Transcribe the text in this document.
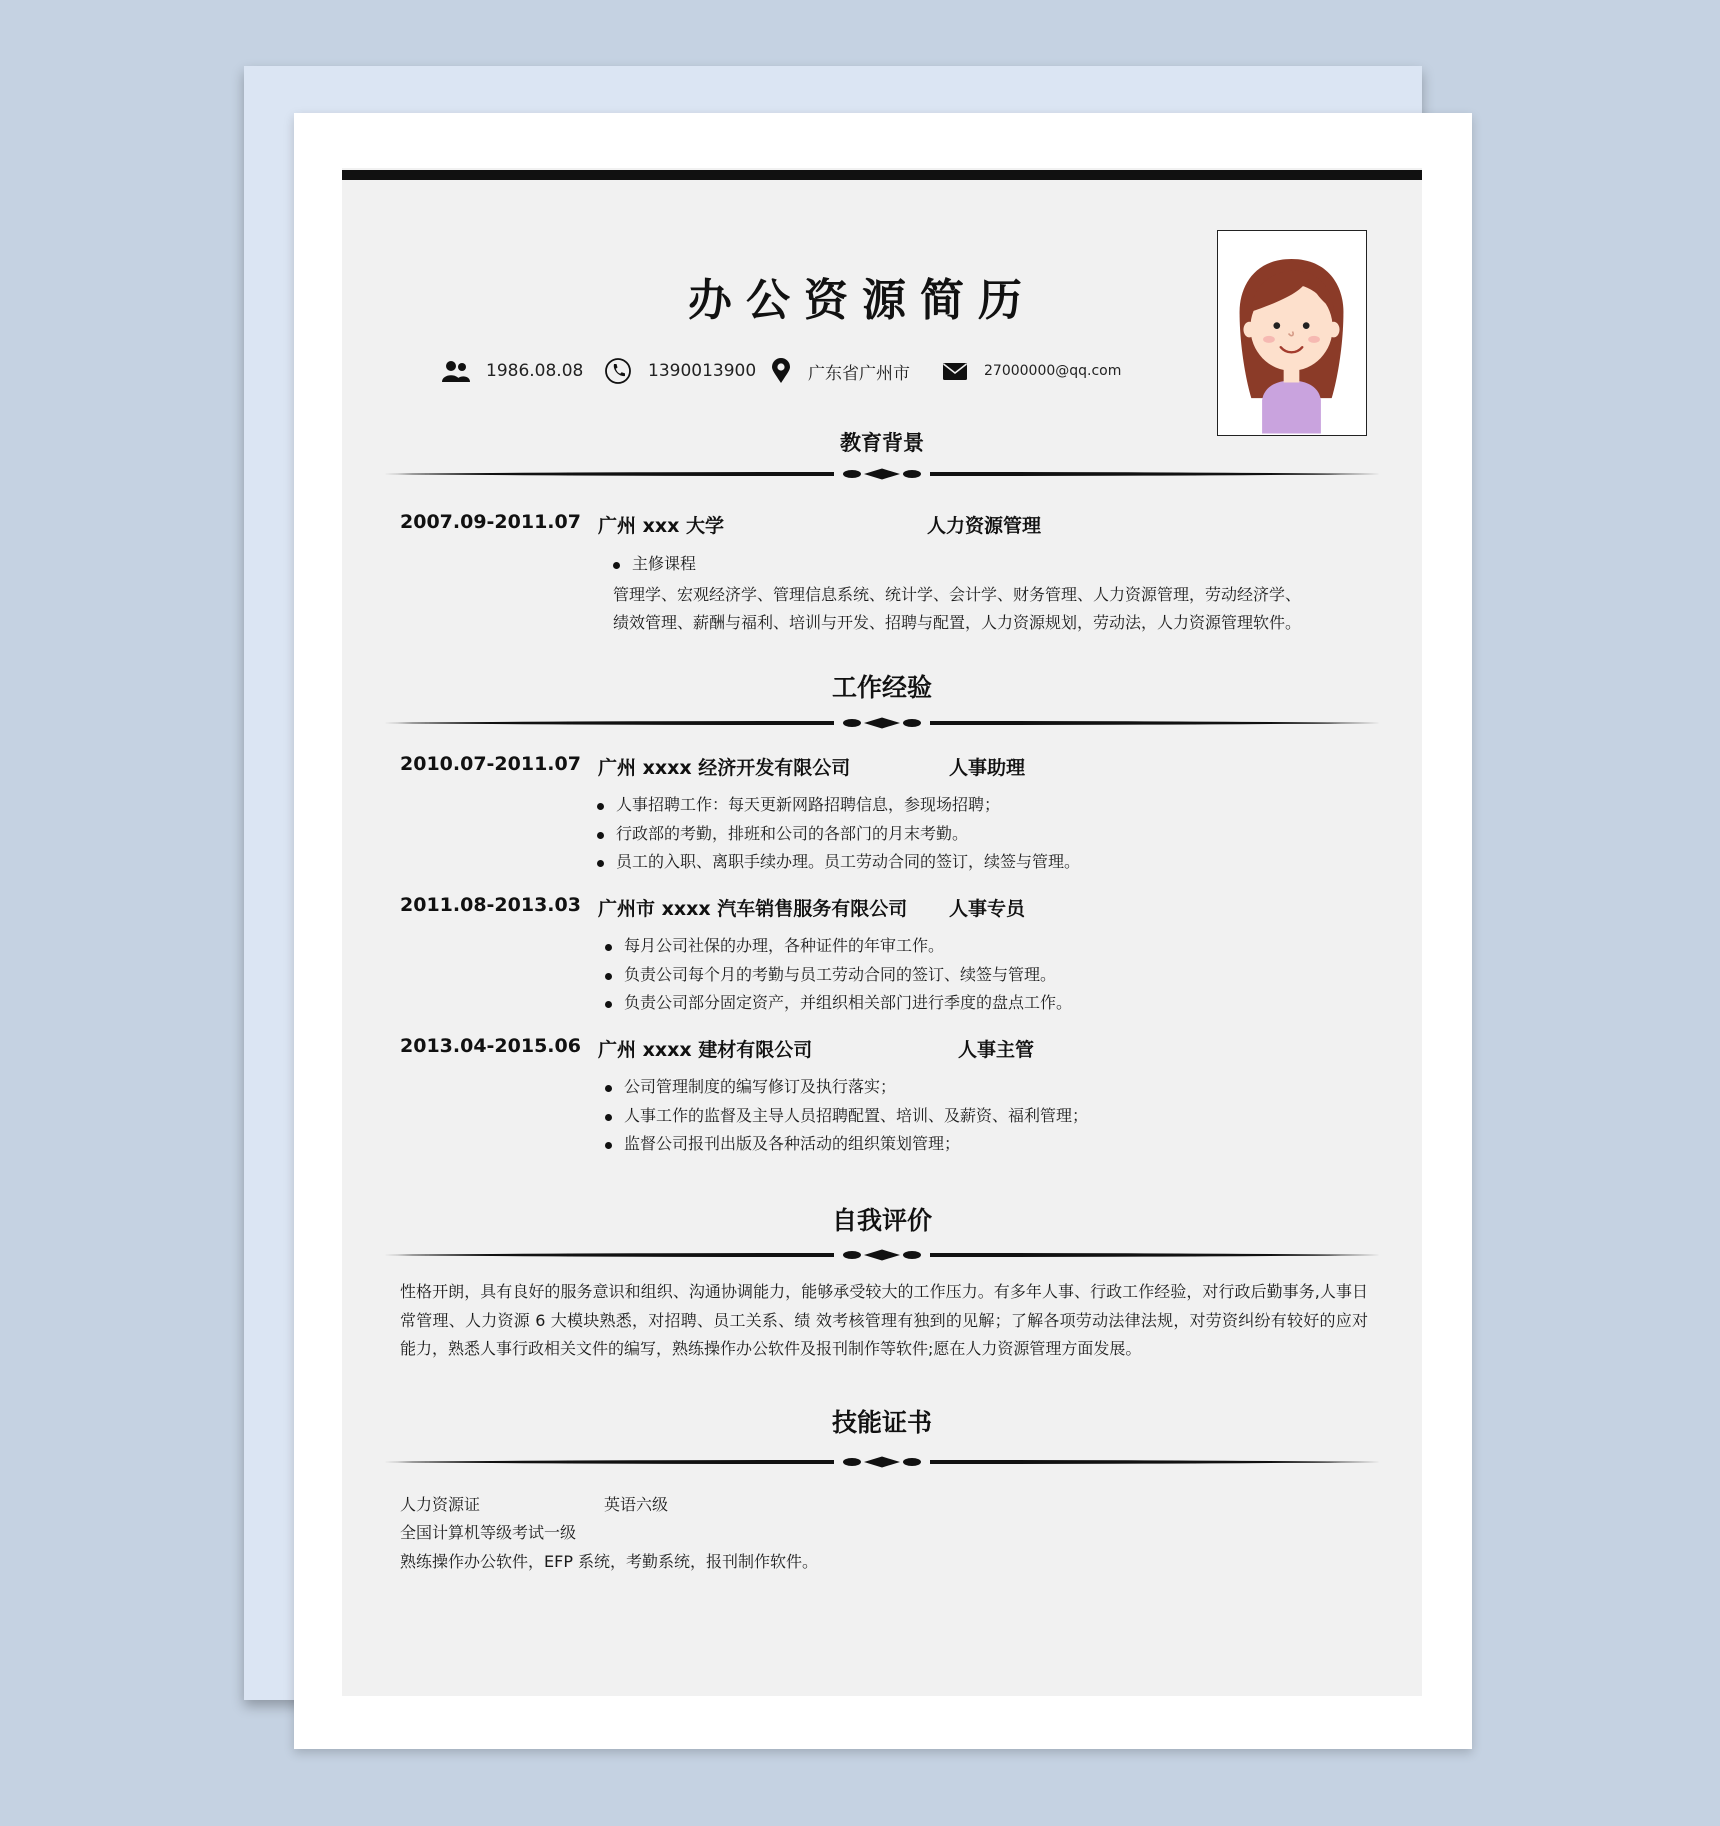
办公资源简历
1986.08.08	1390013900	广东省广州市	27000000@qq.com
教育背景
2007.09-2011.07 广州 xxx 大学	人力资源管理
主修课程
管理学、宏观经济学、管理信息系统、统计学、会计学、财务管理、人力资源管理，劳动经济学、
绩效管理、薪酬与福利、培训与开发、招聘与配置，人力资源规划，劳动法，人力资源管理软件。
工作经验
2010.07-2011.07 广州 xxxx 经济开发有限公司	人事助理
人事招聘工作：每天更新网路招聘信息，参现场招聘；
行政部的考勤，排班和公司的各部门的月末考勤。
员工的入职、离职手续办理。员工劳动合同的签订，续签与管理。
2011.08-2013.03 广州市 xxxx 汽车销售服务有限公司 人事专员
每月公司社保的办理，各种证件的年审工作。
负责公司每个月的考勤与员工劳动合同的签订、续签与管理。
负责公司部分固定资产，并组织相关部门进行季度的盘点工作。
2013.04-2015.06 广州 xxxx 建材有限公司	人事主管
公司管理制度的编写修订及执行落实；
人事工作的监督及主导人员招聘配置、培训、及薪资、福利管理；
监督公司报刊出版及各种活动的组织策划管理；
自我评价

性格开朗，具有良好的服务意识和组织、沟通协调能力，能够承受较大的工作压力。有多年人事、行政工作经验，对行政后勤事务,人事日常管理、人力资源 6 大模块熟悉，对招聘、员工关系、绩 效考核管理有独到的见解；了解各项劳动法律法规，对劳资纠纷有较好的应对能力，熟悉人事行政相关文件的编写，熟练操作办公软件及报刊制作等软件;愿在人力资源管理方面发展。

技能证书
人力资源证	英语六级
全国计算机等级考试一级
熟练操作办公软件，EFP 系统，考勤系统，报刊制作软件。
